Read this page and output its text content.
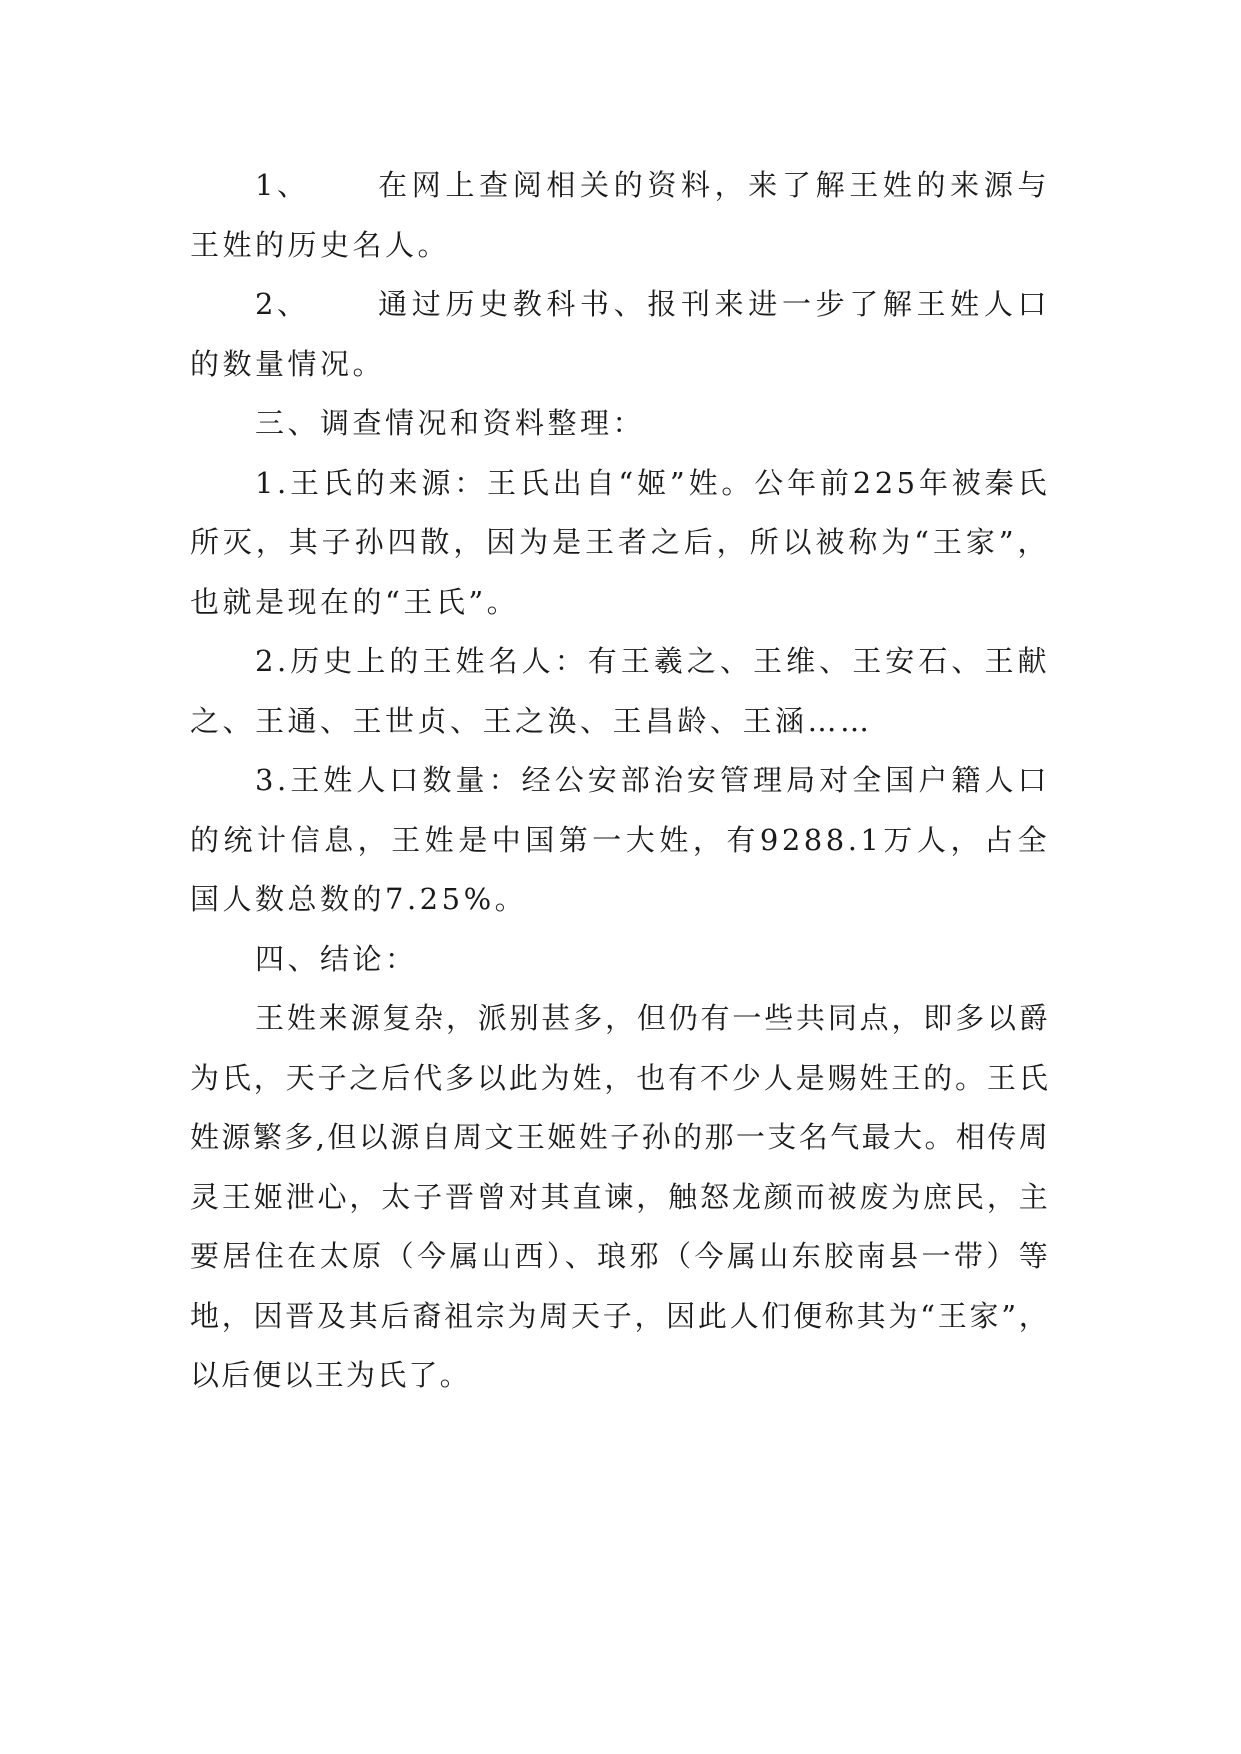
1、 在网上查阅相关的资料，来了解王姓的来源与王姓的历史名人。

2、 通过历史教科书、报刊来进一步了解王姓人口的数量情况。

三、调查情况和资料整理：

1.王氏的来源：王氏出自“姬”姓。公年前225年被秦氏所灭，其子孙四散，因为是王者之后，所以被称为“王家”，也就是现在的“王氏”。

2.历史上的王姓名人：有王羲之、王维、王安石、王献之、王通、王世贞、王之涣、王昌龄、王涵……

3.王姓人口数量：经公安部治安管理局对全国户籍人口的统计信息，王姓是中国第一大姓，有9288.1万人，占全国人数总数的7.25%。

四、结论：

王姓来源复杂，派别甚多，但仍有一些共同点，即多以爵为氏，天子之后代多以此为姓，也有不少人是赐姓王的。王氏姓源繁多,但以源自周文王姬姓子孙的那一支名气最大。相传周灵王姬泄心，太子晋曾对其直谏，触怒龙颜而被废为庶民，主要居住在太原（今属山西）、琅邪（今属山东胶南县一带）等地，因晋及其后裔祖宗为周天子，因此人们便称其为“王家”，以后便以王为氏了。
